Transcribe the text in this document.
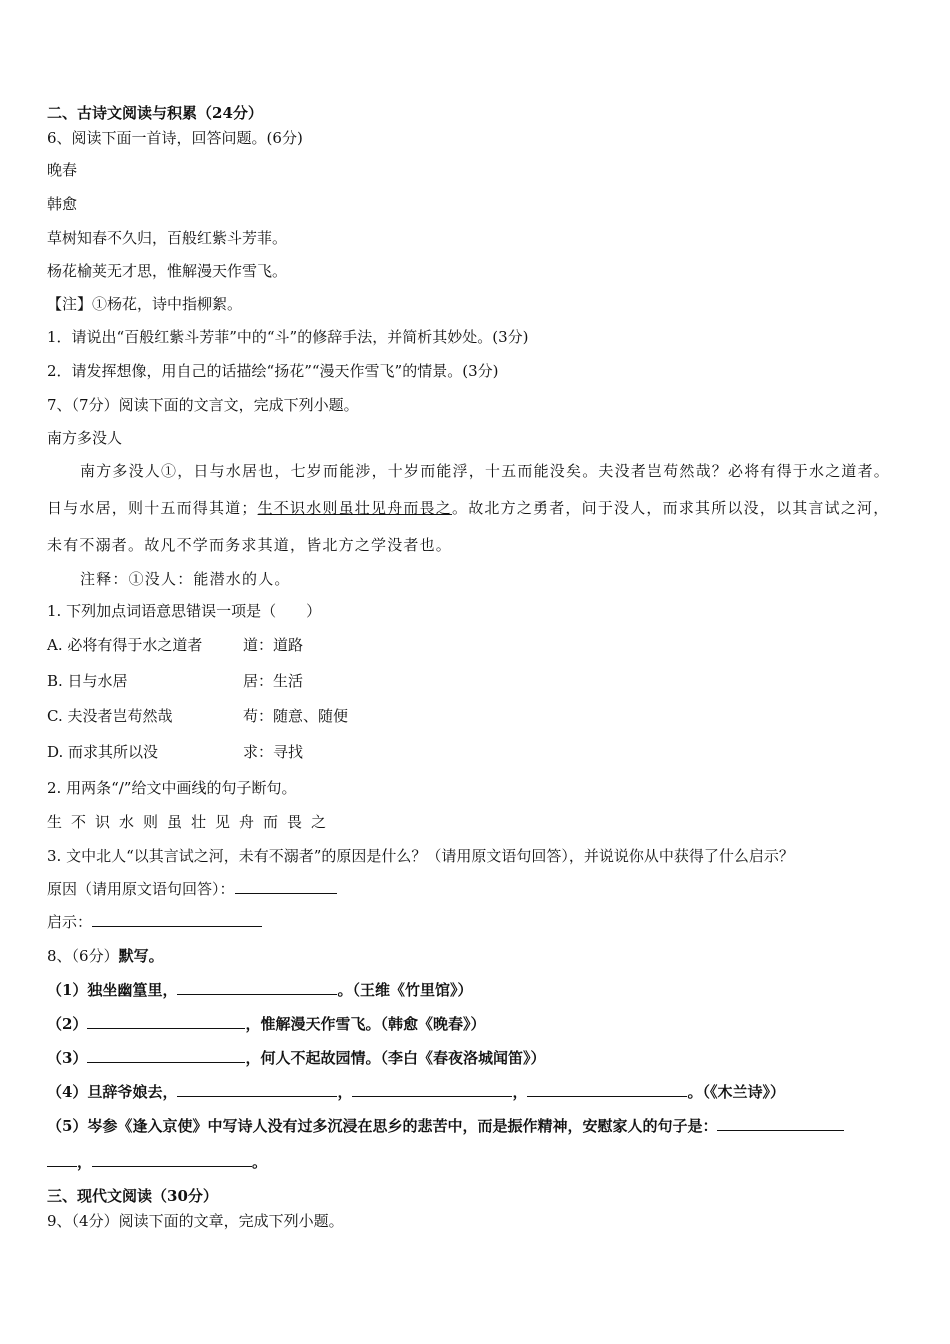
二、古诗文阅读与积累（24分）
6、阅读下面一首诗，回答问题。(6分)
晚春
韩愈
草树知春不久归，百般红紫斗芳菲。
杨花榆荚无才思，惟解漫天作雪飞。
【注】①杨花，诗中指柳絮。
1．请说出“百般红紫斗芳菲”中的“斗”的修辞手法，并简析其妙处。(3分)
2．请发挥想像，用自己的话描绘“扬花”“漫天作雪飞”的情景。(3分)
7、（7分）阅读下面的文言文，完成下列小题。
南方多没人
南方多没人①，日与水居也，七岁而能涉，十岁而能浮，十五而能没矣。夫没者岂苟然哉？必将有得于水之道者。
日与水居，则十五而得其道；生不识水则虽壮见舟而畏之。故北方之勇者，问于没人，而求其所以没，以其言试之河，
未有不溺者。故凡不学而务求其道，皆北方之学没者也。
注释：①没人：能潜水的人。
1. 下列加点词语意思错误一项是（　　）
A. 必将有得于水之道者	道：道路
B. 日与水居	居：生活
C. 夫没者岂苟然哉	苟：随意、随便
D. 而求其所以没	求：寻找
2. 用两条“/”给文中画线的句子断句。
生不识水则虽壮见舟而畏之
3. 文中北人“以其言试之河，未有不溺者”的原因是什么？（请用原文语句回答），并说说你从中获得了什么启示？
原因（请用原文语句回答）：
启示：
8、（6分）默写。
（1）独坐幽篁里，	。（王维《竹里馆》）
（2）	，惟解漫天作雪飞。（韩愈《晚春》）
（3）	，何人不起故园情。（李白《春夜洛城闻笛》）
（4）旦辞爷娘去，	，	，	。（《木兰诗》）
（5）岑参《逢入京使》中写诗人没有过多沉浸在思乡的悲苦中，而是振作精神，安慰家人的句子是：
，	。
三、现代文阅读（30分）
9、（4分）阅读下面的文章，完成下列小题。
